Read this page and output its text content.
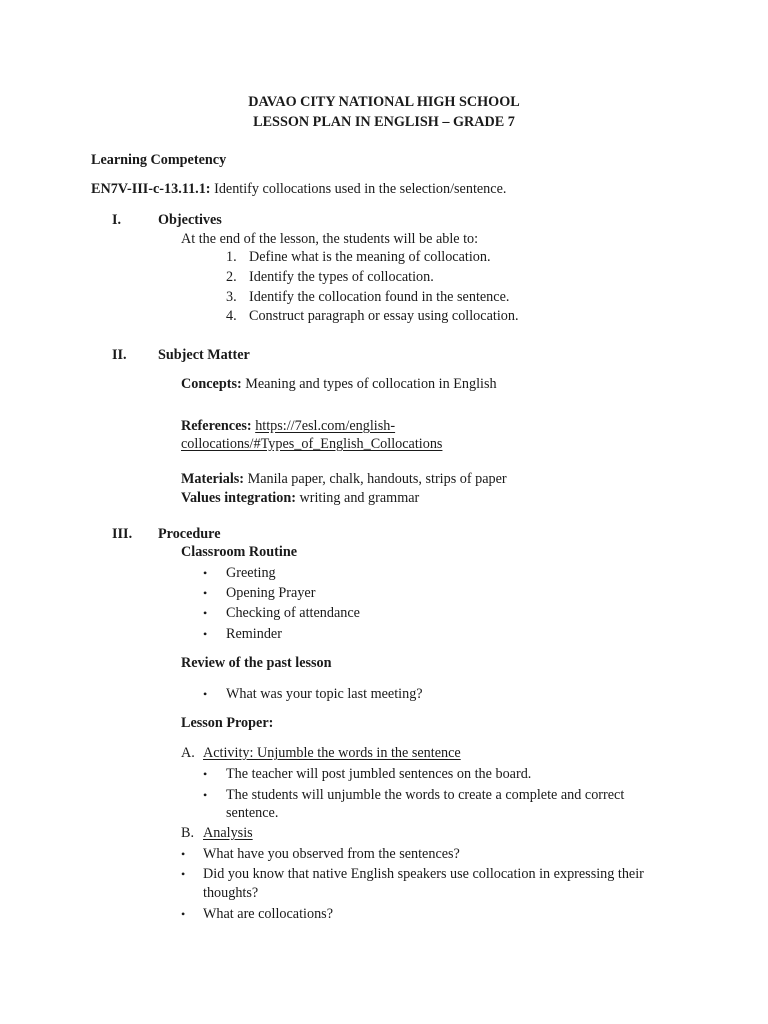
DAVAO CITY NATIONAL HIGH SCHOOL
LESSON PLAN IN ENGLISH – GRADE 7
Learning Competency
EN7V-III-c-13.11.1: Identify collocations used in the selection/sentence.
I.	Objectives
At the end of the lesson, the students will be able to:
1. Define what is the meaning of collocation.
2. Identify the types of collocation.
3. Identify the collocation found in the sentence.
4. Construct paragraph or essay using collocation.
II. Subject Matter
Concepts: Meaning and types of collocation in English
References: https://7esl.com/english-
collocations/#Types_of_English_Collocations
Materials: Manila paper, chalk, handouts, strips of paper
Values integration: writing and grammar
III. Procedure
Classroom Routine
• Greeting
• Opening Prayer
• Checking of attendance
• Reminder
Review of the past lesson
• What was your topic last meeting?
Lesson Proper:
A. Activity: Unjumble the words in the sentence
• The teacher will post jumbled sentences on the board.
• The students will unjumble the words to create a complete and correct
sentence.
B. Analysis
• What have you observed from the sentences?
• Did you know that native English speakers use collocation in expressing their
thoughts?
• What are collocations?
